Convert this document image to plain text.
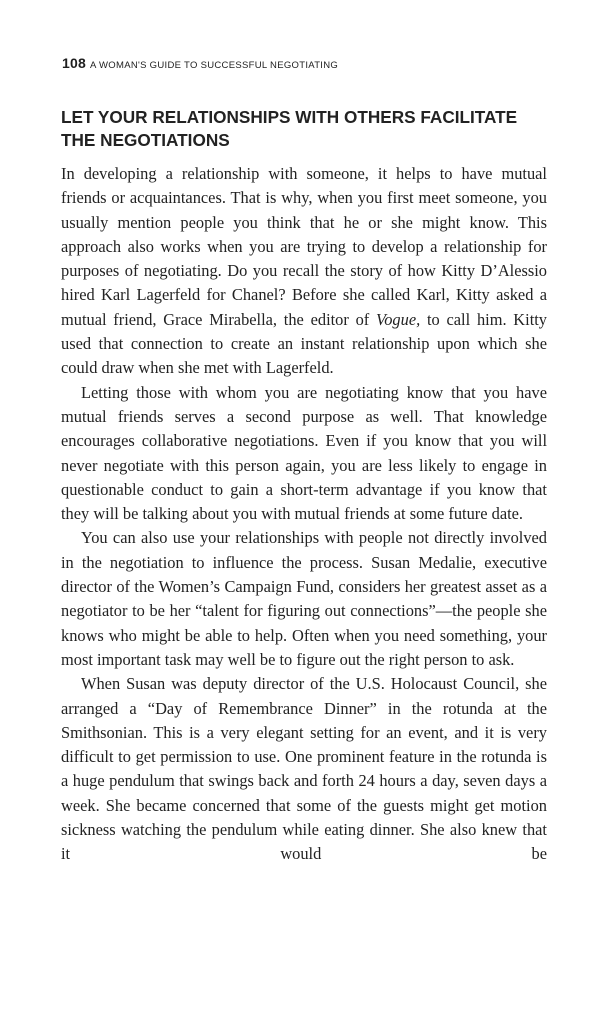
108 A WOMAN'S GUIDE TO SUCCESSFUL NEGOTIATING
LET YOUR RELATIONSHIPS WITH OTHERS FACILITATE
THE NEGOTIATIONS

In developing a relationship with someone, it helps to have mutual friends or acquaintances. That is why, when you first meet someone, you usually mention people you think that he or she might know. This approach also works when you are trying to develop a relationship for purposes of negotiating. Do you recall the story of how Kitty D’Alessio hired Karl Lagerfeld for Chanel? Before she called Karl, Kitty asked a mutual friend, Grace Mirabella, the editor of Vogue, to call him. Kitty used that connection to create an instant relationship upon which she could draw when she met with Lagerfeld.

Letting those with whom you are negotiating know that you have mutual friends serves a second purpose as well. That knowledge encourages collaborative negotiations. Even if you know that you will never negotiate with this person again, you are less likely to engage in questionable conduct to gain a short-term advantage if you know that they will be talking about you with mutual friends at some future date.

You can also use your relationships with people not directly involved in the negotiation to influence the process. Susan Medalie, executive director of the Women’s Campaign Fund, considers her greatest asset as a negotiator to be her “talent for figuring out connections”—the people she knows who might be able to help. Often when you need something, your most important task may well be to figure out the right person to ask.

When Susan was deputy director of the U.S. Holocaust Council, she arranged a “Day of Remembrance Dinner” in the rotunda at the Smithsonian. This is a very elegant setting for an event, and it is very difficult to get permission to use. One prominent feature in the rotunda is a huge pendulum that swings back and forth 24 hours a day, seven days a week. She became concerned that some of the guests might get motion sickness watching the pendulum while eating dinner. She also knew that it would be
